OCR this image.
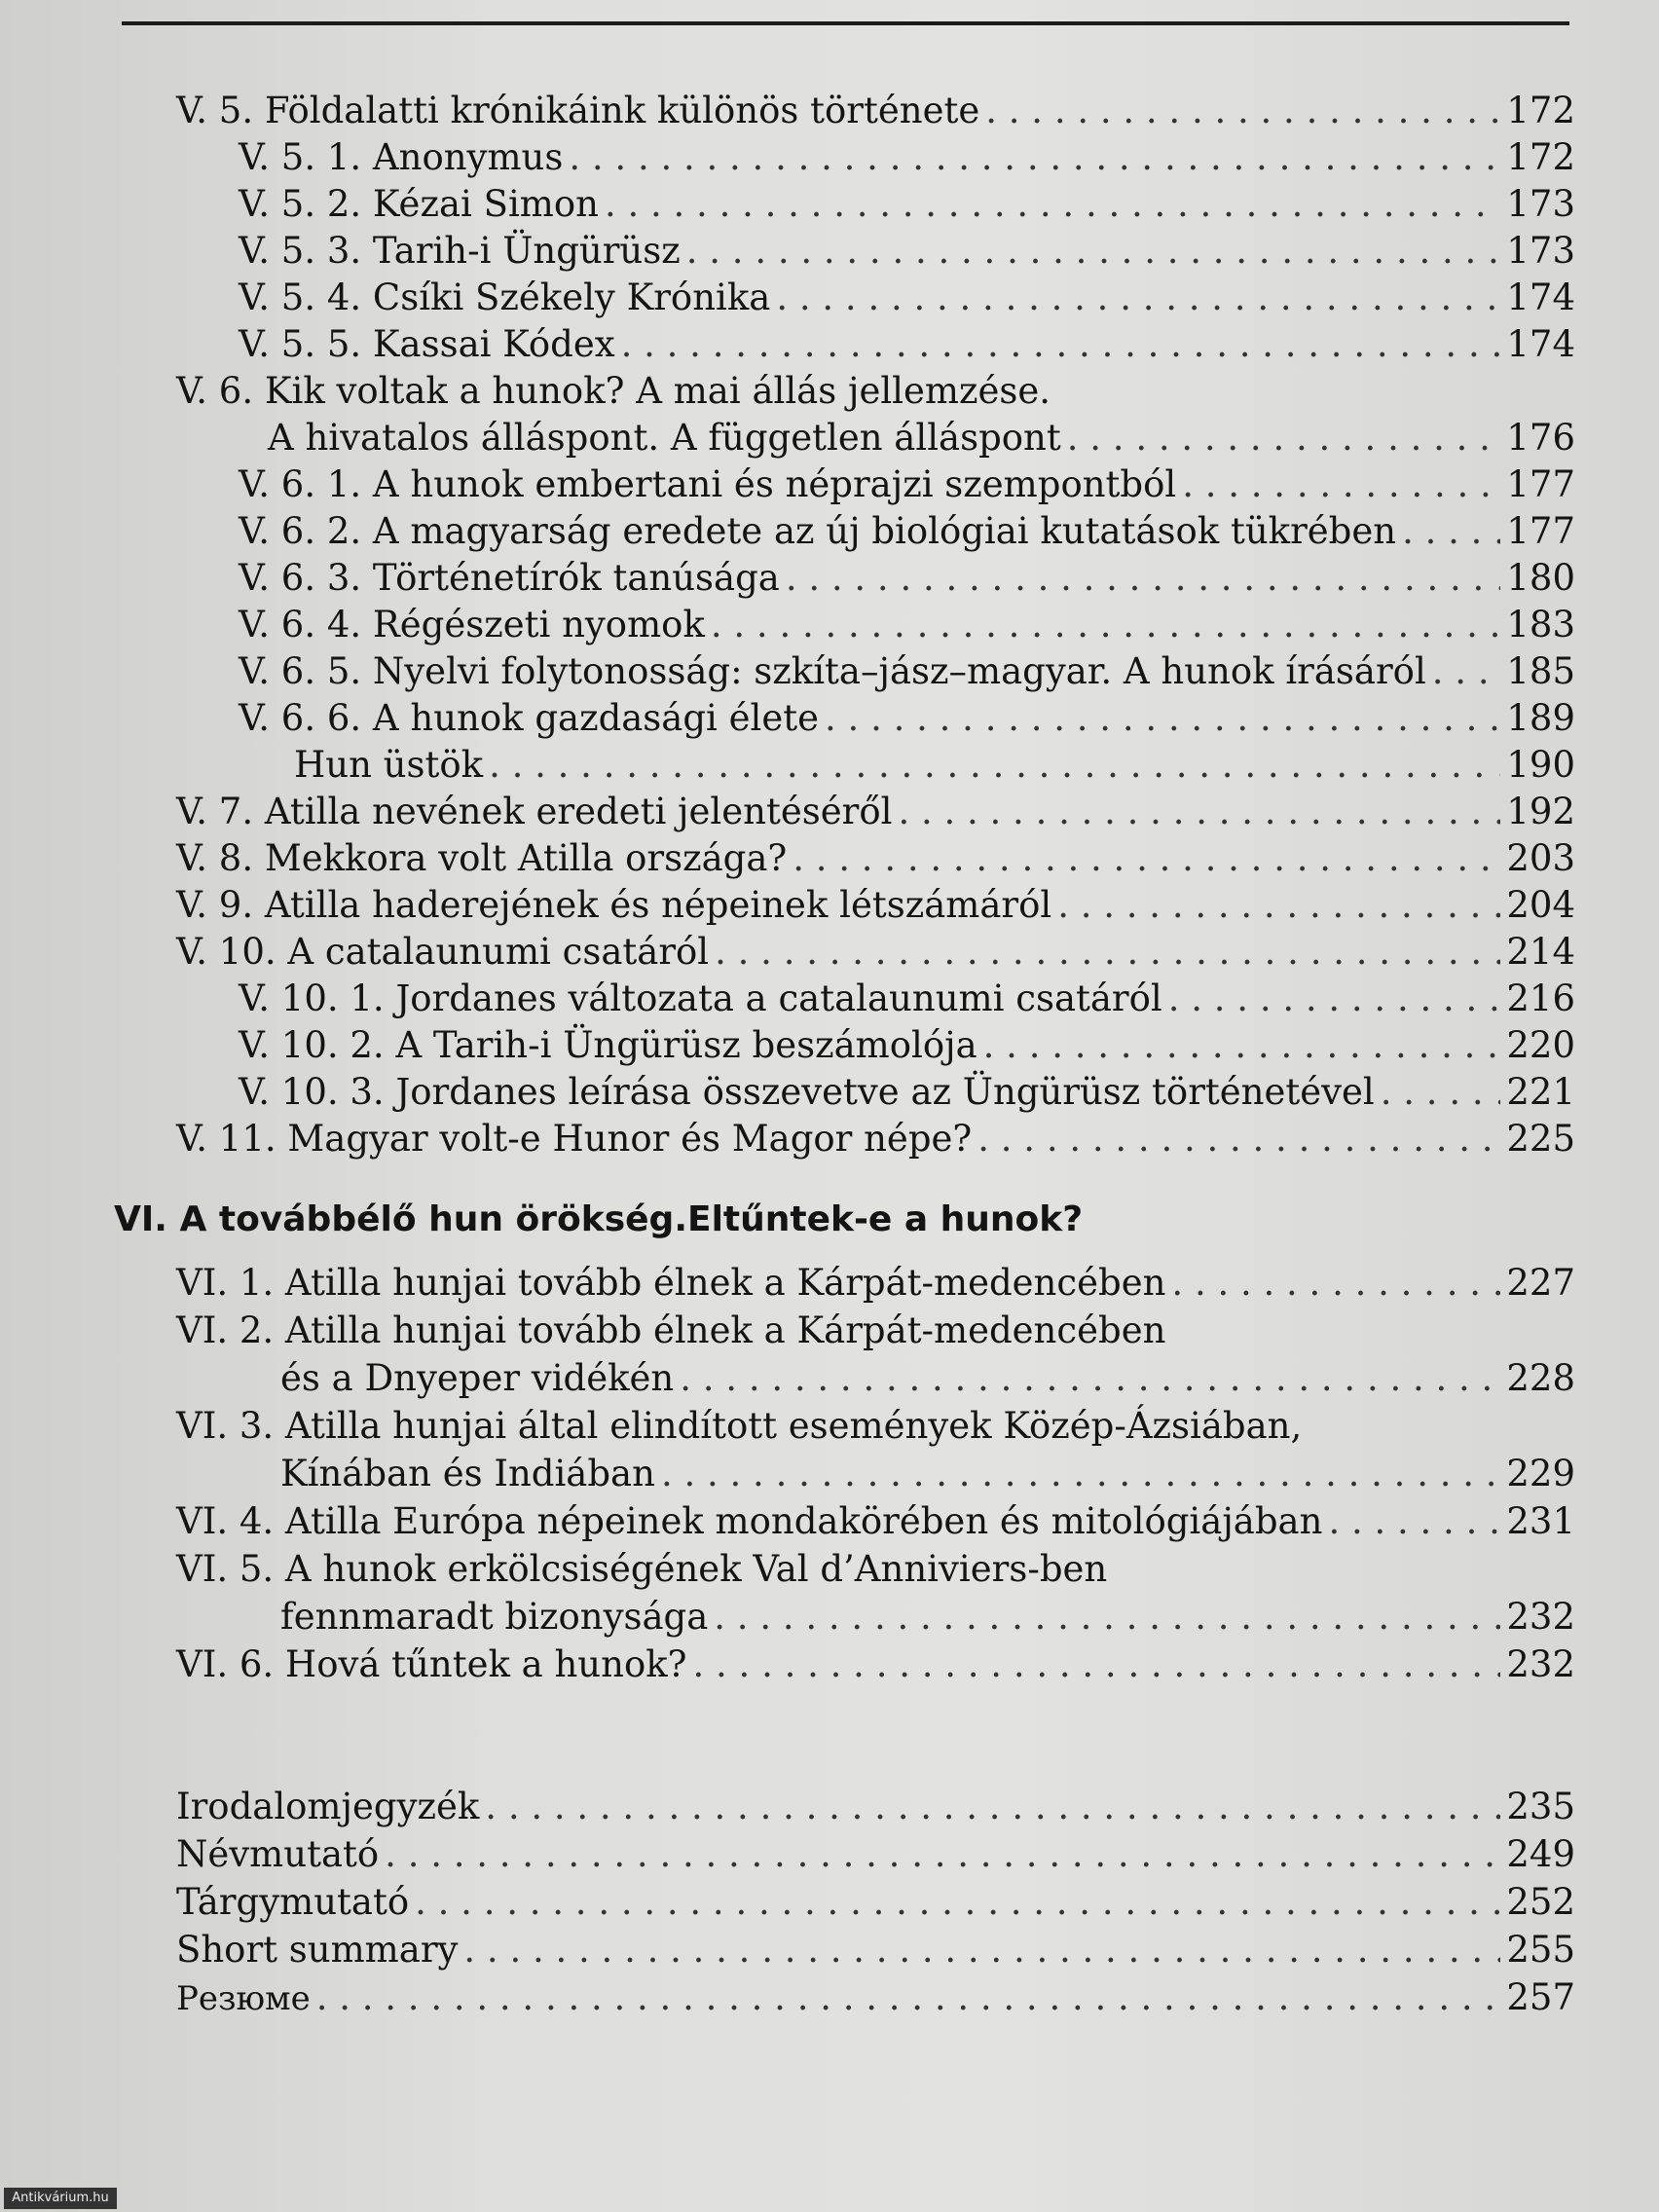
V. 5. Földalatti krónikáink különös története . . .	172
V. 5. 1. Anonymus . . .	172
V. 5. 2. Kézai Simon . . .	173
V. 5. 3. Tarih-i Üngürüsz . . .	173
V. 5. 4. Csíki Székely Krónika . . .	174
V. 5. 5. Kassai Kódex . . .	174
V. 6. Kik voltak a hunok? A mai állás jellemzése.
A hivatalos álláspont. A független álláspont . . .	176
V. 6. 1. A hunok embertani és néprajzi szempontból . . .	177
V. 6. 2. A magyarság eredete az új biológiai kutatások tükrében . . .	177
V. 6. 3. Történetírók tanúsága . . .	180
V. 6. 4. Régészeti nyomok . . .	183
V. 6. 5. Nyelvi folytonosság: szkíta–jász–magyar. A hunok írásáról . . . 185
V. 6. 6. A hunok gazdasági élete . . .	189
Hun üstök . . .	190
V. 7. Atilla nevének eredeti jelentéséről . . .	192
V. 8. Mekkora volt Atilla országa? . . .	203
V. 9. Atilla haderejének és népeinek létszámáról . . .	204
V. 10. A catalaunumi csatáról . . .	214
V. 10. 1. Jordanes változata a catalaunumi csatáról . . .	216
V. 10. 2. A Tarih-i Üngürüsz beszámolója . . .	220
V. 10. 3. Jordanes leírása összevetve az Üngürüsz történetével . . .	221
V. 11. Magyar volt-e Hunor és Magor népe? . . .	225
VI. A továbbélő hun örökség.Eltűntek-e a hunok?
VI. 1. Atilla hunjai tovább élnek a Kárpát-medencében . . .	227
VI. 2. Atilla hunjai tovább élnek a Kárpát-medencében
és a Dnyeper vidékén . . .	228
VI. 3. Atilla hunjai által elindított események Közép-Ázsiában,
Kínában és Indiában . . .	229
VI. 4. Atilla Európa népeinek mondakörében és mitológiájában . . .	231
VI. 5. A hunok erkölcsiségének Val d’Anniviers-ben
fennmaradt bizonysága . . .	232
VI. 6. Hová tűntek a hunok? . . .	232
Irodalomjegyzék . . .	235
Névmutató . . .	249
Tárgymutató . . .	252
Short summary . . .	255
Резюме . . .	257
Antikvárium.hu
